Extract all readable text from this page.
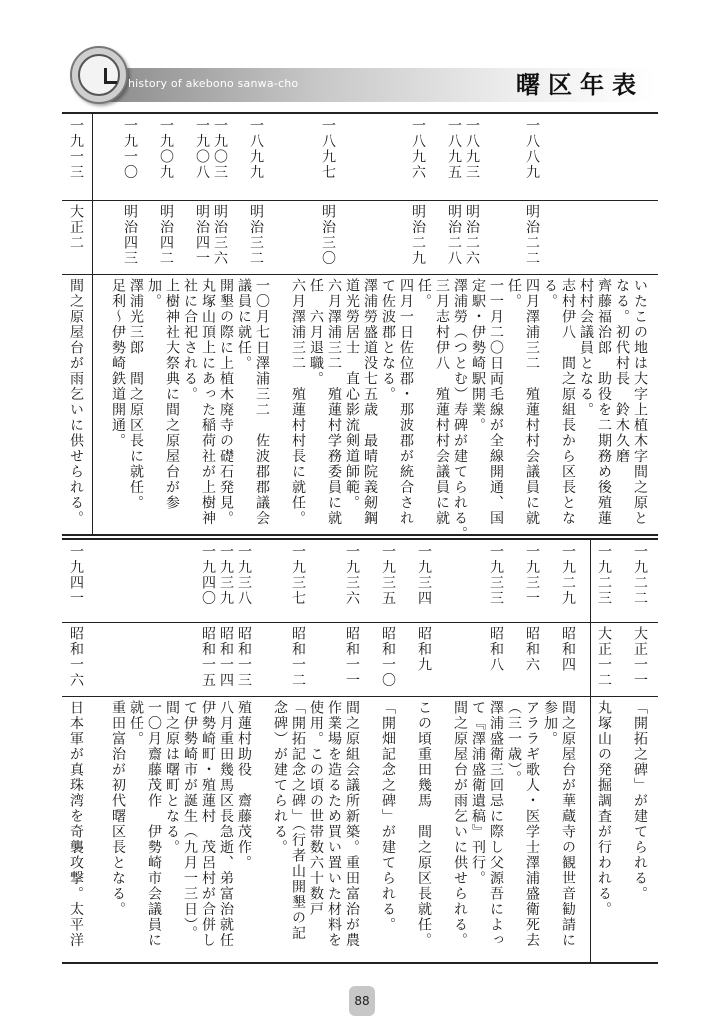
history of akebono sanwa-cho	曙区年表
一八八九
一八九三
一八九五
一八九六
一八九七
一八九九
一九〇三
一九〇八
一九〇九
一九一〇
一九一三
明治二二
明治二六
明治二八
明治二九
明治三〇
明治三二
明治三六
明治四一
明治四二
明治四三
大正二
いたこの地は大字上植木字間之原と
なる。初代村長　鈴木久磨
齊藤福治郎　助役を二期務め後殖蓮
村村会議員となる。
志村伊八　間之原組長から区長とな
る。
四月澤浦三二　殖蓮村村会議員に就
任。
一一月二〇日両毛線が全線開通、国
定駅・伊勢崎駅開業。
澤浦勞（つとむ）寿碑が建てられる。
三月志村伊八　殖蓮村村会議員に就
任。
四月一日佐位郡・那波郡が統合され
て佐波郡となる。
澤浦勞盛道没七五歳　最晴院義剱鋼
道光勞居士　直心影流剣道師範。
六月澤浦三二　殖蓮村学務委員に就
任　六月退職。
六月澤浦三二　殖蓮村村長に就任。
一〇月七日澤浦三二　佐波郡郡議会
議員に就任。
開墾の際に上植木廃寺の礎石発見。
丸塚山頂上にあった稲荷社が上樹神
社に合祀される。
上樹神社大祭典に間之原屋台が参
加。
澤浦光三郎　間之原区長に就任。
足利～伊勢崎鉄道開通。
間之原屋台が雨乞いに供せられる。
一九二二
一九二三
一九二九
一九三一
一九三三
一九三四
一九三五
一九三六
一九三七
一九三八
一九三九
一九四〇
一九四一
大正一一
大正一二
昭和四
昭和六
昭和八
昭和九
昭和一〇
昭和一一
昭和一二
昭和一三
昭和一四
昭和一五
昭和一六
「開拓之碑」が建てられる。
丸塚山の発掘調査が行われる。
間之原屋台が華蔵寺の観世音勧請に
参加。
アララギ歌人・医学士澤浦盛衛死去
（三一歳）。
澤浦盛衛三回忌に際し父源吾によっ
て『澤浦盛衛遺稿』刊行。
間之原屋台が雨乞いに供せられる。
この頃重田幾馬　間之原区長就任。
「開畑記念之碑」が建てられる。
間之原組会議所新築。重田富治が農
作業場を造るため買い置いた材料を
使用。この頃の世帯数六十数戸
「開拓記念之碑」（行者山開墾の記
念碑）が建てられる。
殖蓮村助役　齋藤茂作。
八月重田幾馬区長急逝、弟富治就任
伊勢崎町・殖蓮村　茂呂村が合併し
て伊勢崎市が誕生（九月一三日）。
間之原は曙町となる。
一〇月齋藤茂作　伊勢崎市会議員に
就任。
重田富治が初代曙区長となる。
日本軍が真珠湾を奇襲攻撃。太平洋
88
